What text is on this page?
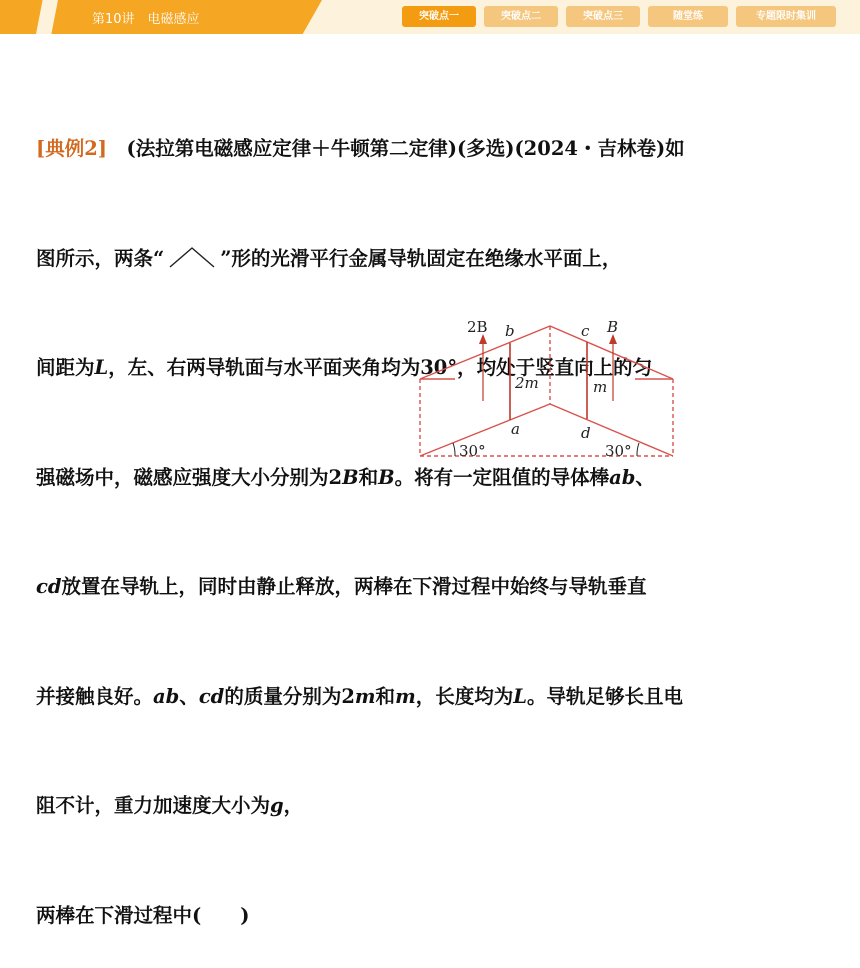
第10讲　电磁感应	突破点一	突破点二	突破点三	随堂练	专题限时集训

[典例2]　 (法拉第电磁感应定律＋牛顿第二定律)(多选)(2024・吉林卷)如

图所示，两条“	”形的光滑平行金属导轨固定在绝缘水平面上，

间距为L，左、右两导轨面与水平面夹角均为30°，均处于竖直向上的匀

强磁场中，磁感应强度大小分别为2B和B。将有一定阻值的导体棒ab、

cd放置在导轨上，同时由静止释放，两棒在下滑过程中始终与导轨垂直

并接触良好。ab、cd的质量分别为2m和m，长度均为L。导轨足够长且电

阻不计，重力加速度大小为g，

两棒在下滑过程中(　　)

2B b	c B
2m	m
a	d
30°	30°
